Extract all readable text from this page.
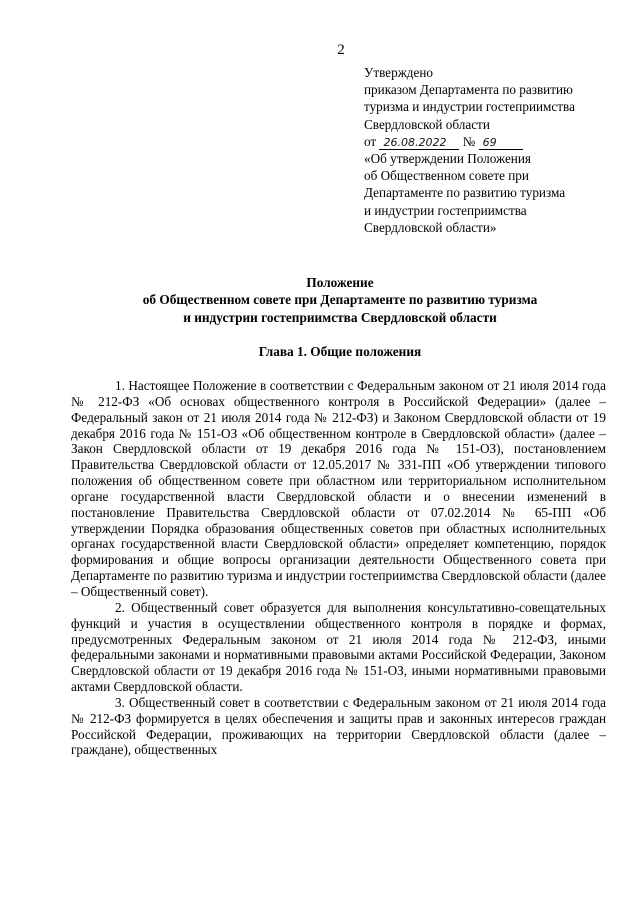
2
Утверждено
приказом Департамента по развитию
туризма и индустрии гостеприимства
Свердловской области
от 26.08.2022 № 69
«Об утверждении Положения
об Общественном совете при
Департаменте по развитию туризма
и индустрии гостеприимства
Свердловской области»
Положение
об Общественном совете при Департаменте по развитию туризма
и индустрии гостеприимства Свердловской области
Глава 1. Общие положения

1. Настоящее Положение в соответствии с Федеральным законом от 21 июля 2014 года № 212-ФЗ «Об основах общественного контроля в Российской Федерации» (далее – Федеральный закон от 21 июля 2014 года № 212-ФЗ) и Законом Свердловской области от 19 декабря 2016 года № 151-ОЗ «Об общественном контроле в Свердловской области» (далее – Закон Свердловской области от 19 декабря 2016 года № 151-ОЗ), постановлением Правительства Свердловской области от 12.05.2017 № 331-ПП «Об утверждении типового положения об общественном совете при областном или территориальном исполнительном органе государственной власти Свердловской области и о внесении изменений в постановление Правительства Свердловской области от 07.02.2014 № 65-ПП «Об утверждении Порядка образования общественных советов при областных исполнительных органах государственной власти Свердловской области» определяет компетенцию, порядок формирования и общие вопросы организации деятельности Общественного совета при Департаменте по развитию туризма и индустрии гостеприимства Свердловской области (далее – Общественный совет).

2. Общественный совет образуется для выполнения консультативно-совещательных функций и участия в осуществлении общественного контроля в порядке и формах, предусмотренных Федеральным законом от 21 июля 2014 года № 212-ФЗ, иными федеральными законами и нормативными правовыми актами Российской Федерации, Законом Свердловской области от 19 декабря 2016 года № 151-ОЗ, иными нормативными правовыми актами Свердловской области.

3. Общественный совет в соответствии с Федеральным законом от 21 июля 2014 года № 212-ФЗ формируется в целях обеспечения и защиты прав и законных интересов граждан Российской Федерации, проживающих на территории Свердловской области (далее – граждане), общественных
